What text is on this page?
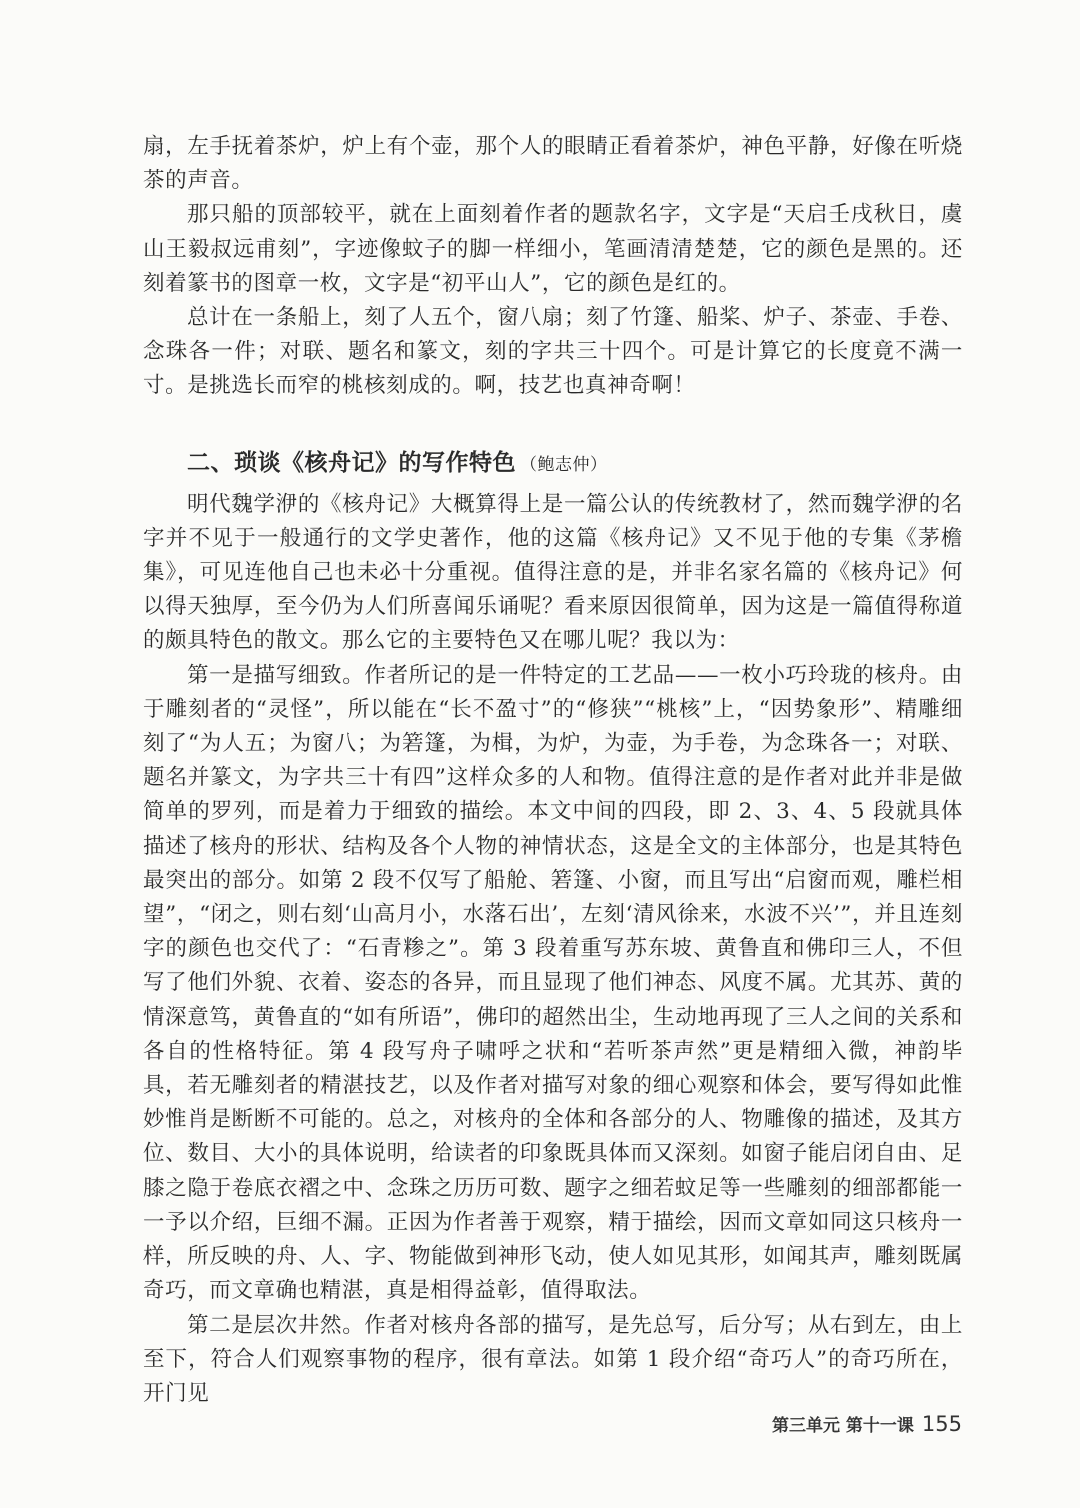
扇，左手抚着茶炉，炉上有个壶，那个人的眼睛正看着茶炉，神色平静，好像在听烧茶的声音。

那只船的顶部较平，就在上面刻着作者的题款名字，文字是“天启壬戌秋日，虞山王毅叔远甫刻”，字迹像蚊子的脚一样细小，笔画清清楚楚，它的颜色是黑的。还刻着篆书的图章一枚，文字是“初平山人”，它的颜色是红的。

总计在一条船上，刻了人五个，窗八扇；刻了竹篷、船桨、炉子、茶壶、手卷、念珠各一件；对联、题名和篆文，刻的字共三十四个。可是计算它的长度竟不满一寸。是挑选长而窄的桃核刻成的。啊，技艺也真神奇啊！

二、琐谈《核舟记》的写作特色 （鲍志仲）

明代魏学洢的《核舟记》大概算得上是一篇公认的传统教材了，然而魏学洢的名字并不见于一般通行的文学史著作，他的这篇《核舟记》又不见于他的专集《茅檐集》，可见连他自己也未必十分重视。值得注意的是，并非名家名篇的《核舟记》何以得天独厚，至今仍为人们所喜闻乐诵呢？看来原因很简单，因为这是一篇值得称道的颇具特色的散文。那么它的主要特色又在哪儿呢？我以为：

第一是描写细致。作者所记的是一件特定的工艺品——一枚小巧玲珑的核舟。由于雕刻者的“灵怪”，所以能在“长不盈寸”的“修狭”“桃核”上，“因势象形”、精雕细刻了“为人五；为窗八；为箬篷，为楫，为炉，为壶，为手卷，为念珠各一；对联、题名并篆文，为字共三十有四”这样众多的人和物。值得注意的是作者对此并非是做简单的罗列，而是着力于细致的描绘。本文中间的四段，即 2、3、4、5 段就具体描述了核舟的形状、结构及各个人物的神情状态，这是全文的主体部分，也是其特色最突出的部分。如第 2 段不仅写了船舱、箬篷、小窗，而且写出“启窗而观，雕栏相望”，“闭之，则右刻‘山高月小，水落石出’，左刻‘清风徐来，水波不兴’”，并且连刻字的颜色也交代了：“石青糁之”。第 3 段着重写苏东坡、黄鲁直和佛印三人，不但写了他们外貌、衣着、姿态的各异，而且显现了他们神态、风度不属。尤其苏、黄的情深意笃，黄鲁直的“如有所语”，佛印的超然出尘，生动地再现了三人之间的关系和各自的性格特征。第 4 段写舟子啸呼之状和“若听茶声然”更是精细入微，神韵毕具，若无雕刻者的精湛技艺，以及作者对描写对象的细心观察和体会，要写得如此惟妙惟肖是断断不可能的。总之，对核舟的全体和各部分的人、物雕像的描述，及其方位、数目、大小的具体说明，给读者的印象既具体而又深刻。如窗子能启闭自由、足膝之隐于卷底衣褶之中、念珠之历历可数、题字之细若蚊足等一些雕刻的细部都能一一予以介绍，巨细不漏。正因为作者善于观察，精于描绘，因而文章如同这只核舟一样，所反映的舟、人、字、物能做到神形飞动，使人如见其形，如闻其声，雕刻既属奇巧，而文章确也精湛，真是相得益彰，值得取法。

第二是层次井然。作者对核舟各部的描写，是先总写，后分写；从右到左，由上至下，符合人们观察事物的程序，很有章法。如第 1 段介绍“奇巧人”的奇巧所在，开门见

第三单元 第十一课 155
